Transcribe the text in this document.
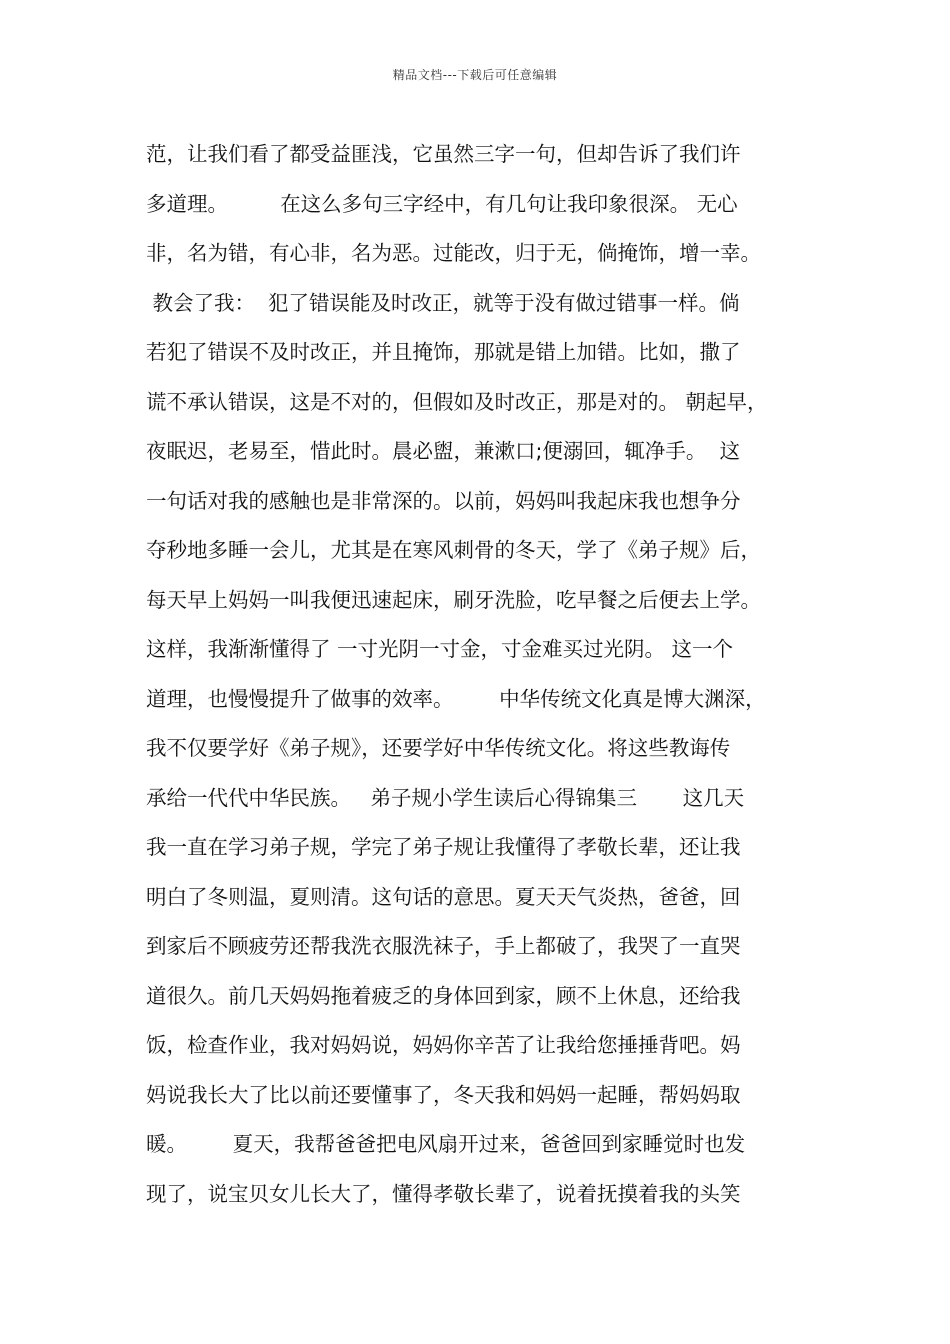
精品文档---下载后可任意编辑
范，让我们看了都受益匪浅，它虽然三字一句，但却告诉了我们许
多道理。        在这么多句三字经中，有几句让我印象很深。 无心
非，名为错，有心非，名为恶。过能改，归于无，倘掩饰，增一幸。
教会了我：  犯了错误能及时改正，就等于没有做过错事一样。倘
若犯了错误不及时改正，并且掩饰，那就是错上加错。比如，撒了
谎不承认错误，这是不对的，但假如及时改正，那是对的。 朝起早，
夜眠迟，老易至，惜此时。晨必盥，兼漱口;便溺回，辄净手。  这
一句话对我的感触也是非常深的。以前，妈妈叫我起床我也想争分
夺秒地多睡一会儿，尤其是在寒风刺骨的冬天，学了《弟子规》后，
每天早上妈妈一叫我便迅速起床，刷牙洗脸，吃早餐之后便去上学。
这样，我渐渐懂得了 一寸光阴一寸金，寸金难买过光阴。 这一个
道理，也慢慢提升了做事的效率。       中华传统文化真是博大渊深，
我不仅要学好《弟子规》，还要学好中华传统文化。将这些教诲传
承给一代代中华民族。   弟子规小学生读后心得锦集三       这几天
我一直在学习弟子规，学完了弟子规让我懂得了孝敬长辈，还让我
明白了冬则温，夏则清。这句话的意思。夏天天气炎热，爸爸，回
到家后不顾疲劳还帮我洗衣服洗袜子，手上都破了，我哭了一直哭
道很久。前几天妈妈拖着疲乏的身体回到家，顾不上休息，还给我
饭，检查作业，我对妈妈说，妈妈你辛苦了让我给您捶捶背吧。妈
妈说我长大了比以前还要懂事了，冬天我和妈妈一起睡，帮妈妈取
暖。       夏天，我帮爸爸把电风扇开过来，爸爸回到家睡觉时也发
现了，说宝贝女儿长大了，懂得孝敬长辈了，说着抚摸着我的头笑
